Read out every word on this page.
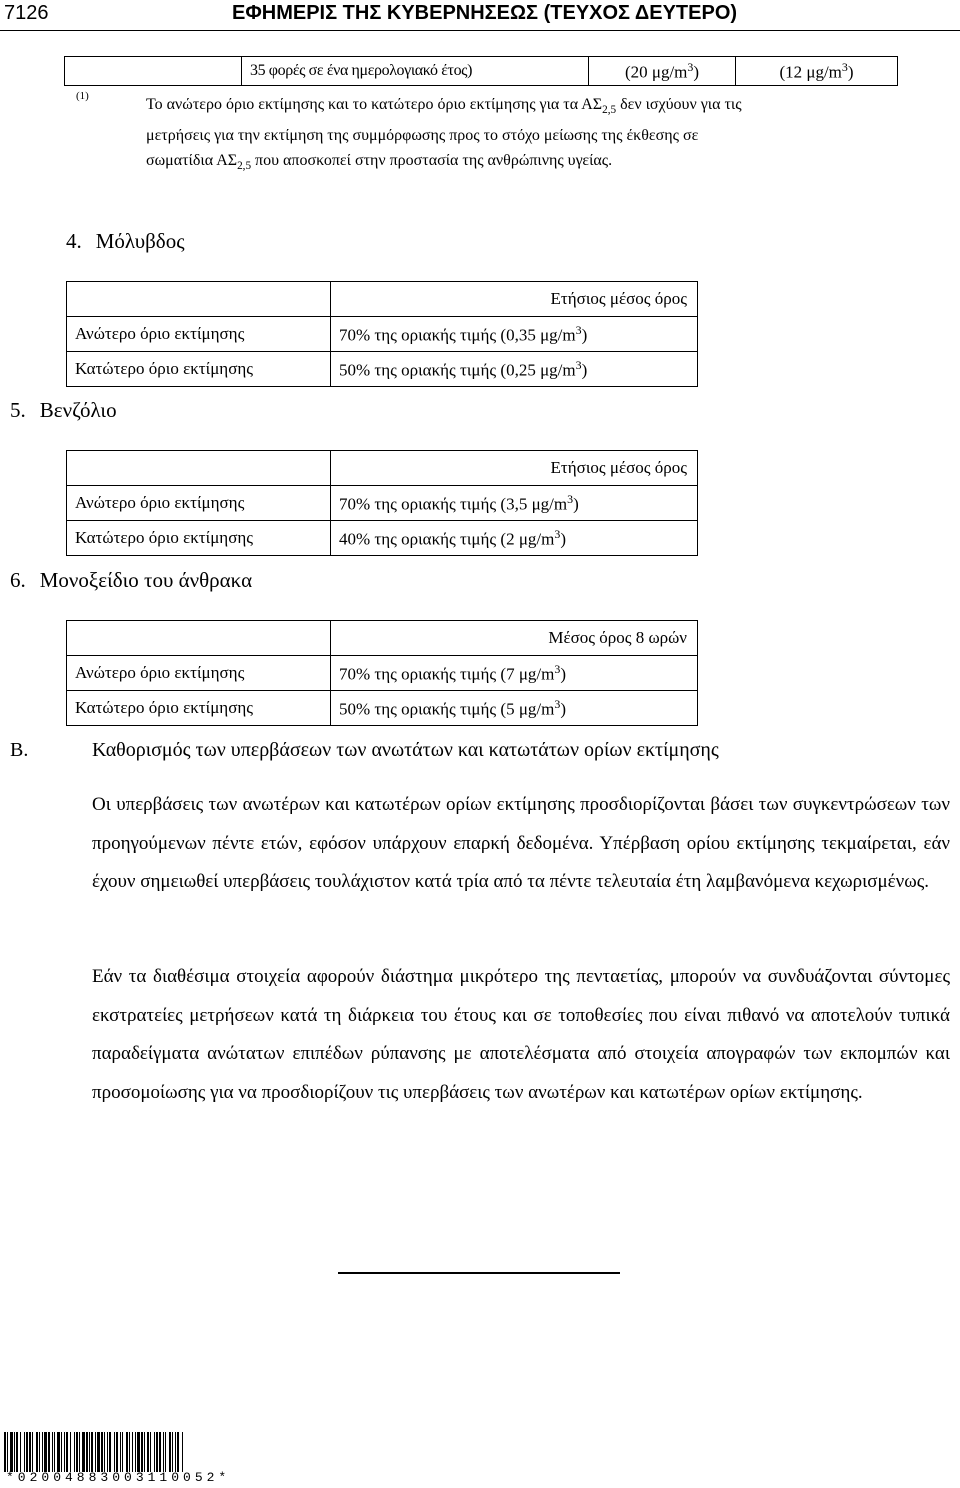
7126	ΕΦΗΜΕΡΙΣ ΤΗΣ ΚΥΒΕΡΝΗΣΕΩΣ (ΤΕΥΧΟΣ ΔΕΥΤΕΡΟ)
	35 φορές σε ένα ημερολογιακό έτος)	(20 $\mu g/m^3$)	(12 $\mu g/m^3$)
(1)	Το ανώτερο όριο εκτίμησης και το κατώτερο όριο εκτίμησης για τα $A\Sigma_{2,5}$ δεν ισχύουν για τις
μετρήσεις για την εκτίμηση της συμμόρφωσης προς το στόχο μείωσης της έκθεσης σε
σωματίδια $A\Sigma_{2,5}$ που αποσκοπεί στην προστασία της ανθρώπινης υγείας.
4. Μόλυβδος
	Ετήσιος μέσος όρος
Ανώτερο όριο εκτίμησης	70% της οριακής τιμής (0,35 $\mu g/m^3$)
Κατώτερο όριο εκτίμησης	50% της οριακής τιμής (0,25 $\mu g/m^3$)
5. Βενζόλιο
	Ετήσιος μέσος όρος
Ανώτερο όριο εκτίμησης	70% της οριακής τιμής (3,5 $\mu g/m^3$)
Κατώτερο όριο εκτίμησης	40% της οριακής τιμής (2 $\mu g/m^3$)
6. Μονοξείδιο του άνθρακα
	Μέσος όρος 8 ωρών
Ανώτερο όριο εκτίμησης	70% της οριακής τιμής (7 $\mu g/m^3$)
Κατώτερο όριο εκτίμησης	50% της οριακής τιμής (5 $\mu g/m^3$)
Β.	Καθορισμός των υπερβάσεων των ανωτάτων και κατωτάτων ορίων εκτίμησης
Οι υπερβάσεις των ανωτέρων και κατωτέρων ορίων εκτίμησης προσδιορίζονται βάσει των συγκεντρώσεων των προηγούμενων πέντε ετών, εφόσον υπάρχουν επαρκή δεδομένα. Υπέρβαση ορίου εκτίμησης τεκμαίρεται, εάν έχουν σημειωθεί υπερβάσεις τουλάχιστον κατά τρία από τα πέντε τελευταία έτη λαμβανόμενα κεχωρισμένως.
Εάν τα διαθέσιμα στοιχεία αφορούν διάστημα μικρότερο της πενταετίας, μπορούν να συνδυάζονται σύντομες εκστρατείες μετρήσεων κατά τη διάρκεια του έτους και σε τοποθεσίες που είναι πιθανό να αποτελούν τυπικά παραδείγματα ανώτατων επιπέδων ρύπανσης με αποτελέσματα από στοιχεία απογραφών των εκπομπών και προσομοίωσης για να προσδιορίζουν τις υπερβάσεις των ανωτέρων και κατωτέρων ορίων εκτίμησης.
*02004883003110052*
